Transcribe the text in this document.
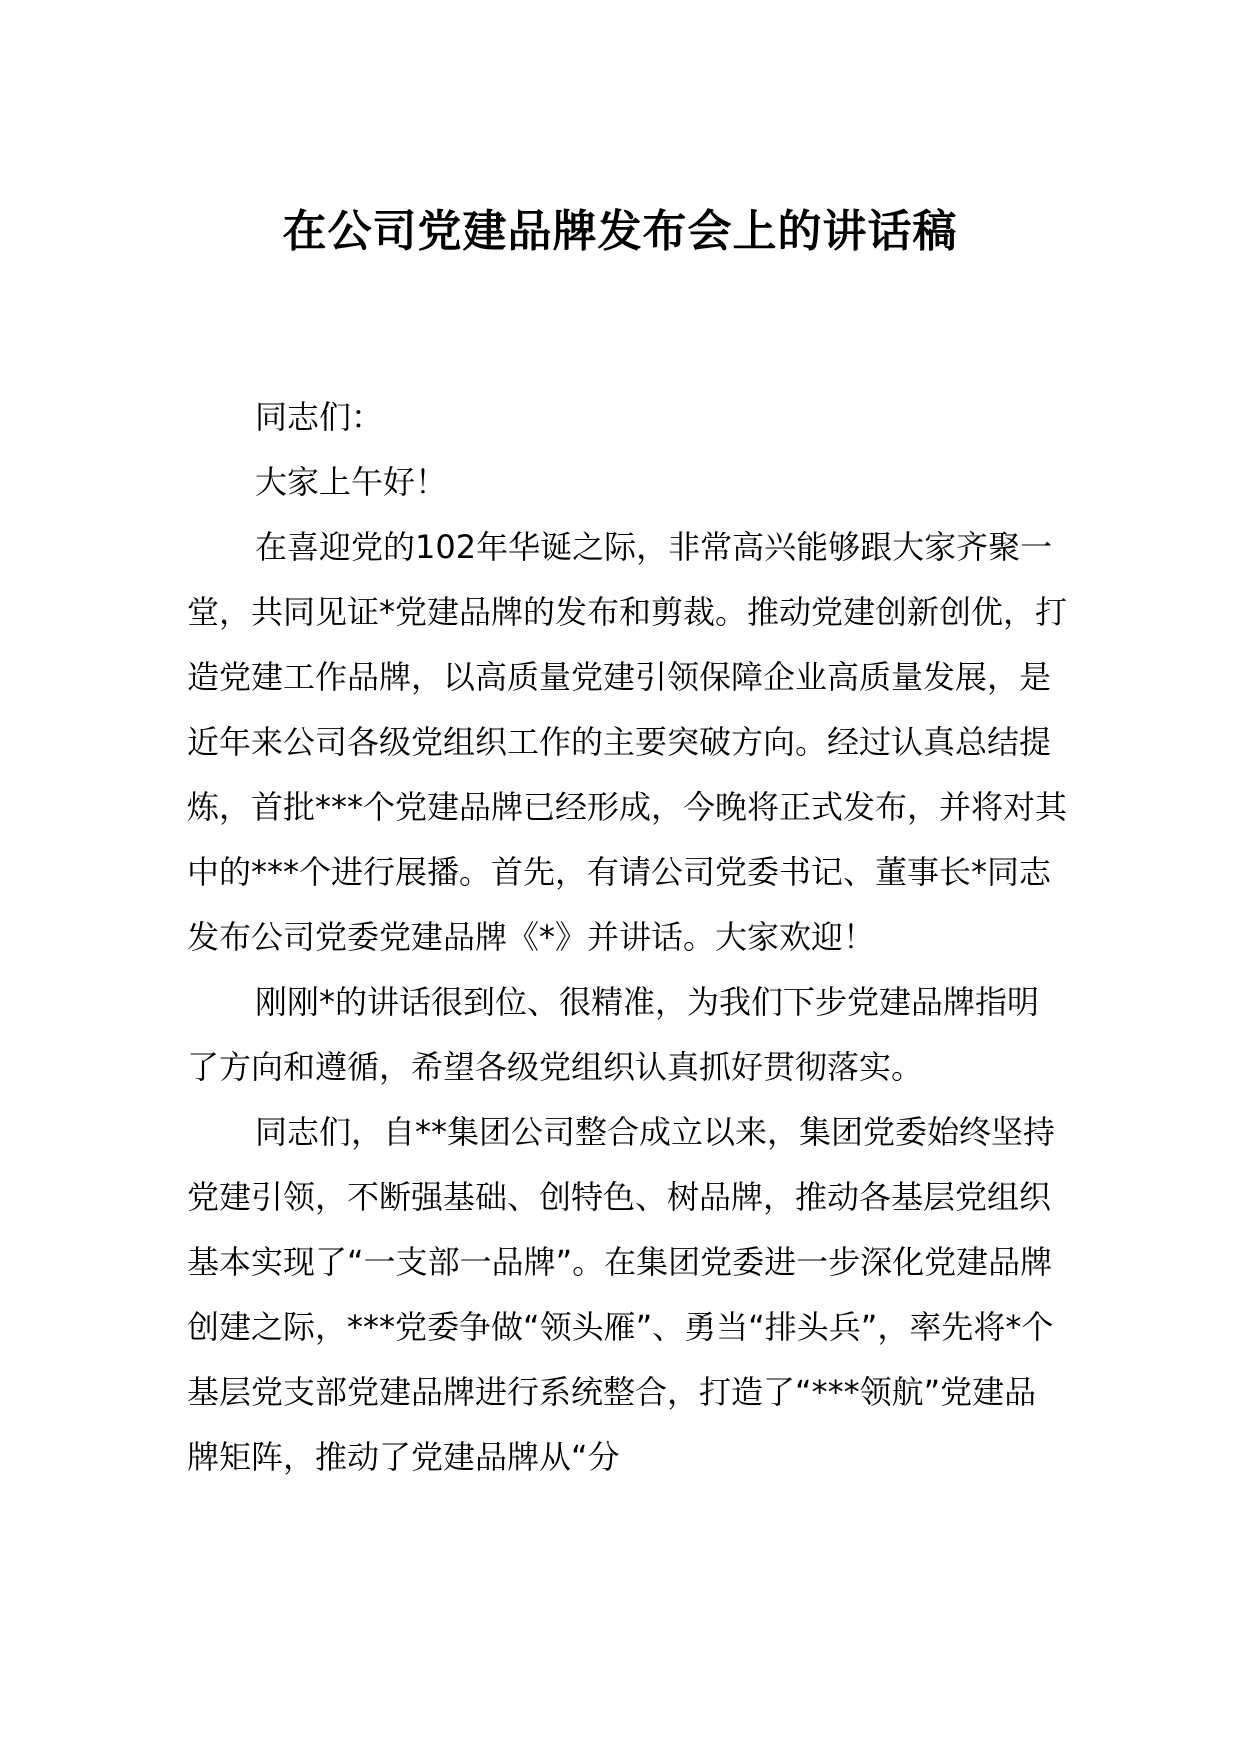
在公司党建品牌发布会上的讲话稿

同志们：

大家上午好！

在喜迎党的102年华诞之际，非常高兴能够跟大家齐聚一堂，共同见证*党建品牌的发布和剪裁。推动党建创新创优，打造党建工作品牌，以高质量党建引领保障企业高质量发展，是近年来公司各级党组织工作的主要突破方向。经过认真总结提炼，首批***个党建品牌已经形成，今晚将正式发布，并将对其中的***个进行展播。首先，有请公司党委书记、董事长*同志发布公司党委党建品牌《*》并讲话。大家欢迎！

刚刚*的讲话很到位、很精准，为我们下步党建品牌指明了方向和遵循，希望各级党组织认真抓好贯彻落实。

同志们，自**集团公司整合成立以来，集团党委始终坚持党建引领，不断强基础、创特色、树品牌，推动各基层党组织基本实现了“一支部一品牌”。在集团党委进一步深化党建品牌创建之际，***党委争做“领头雁”、勇当“排头兵”，率先将*个基层党支部党建品牌进行系统整合，打造了“***领航”党建品牌矩阵，推动了党建品牌从“分
